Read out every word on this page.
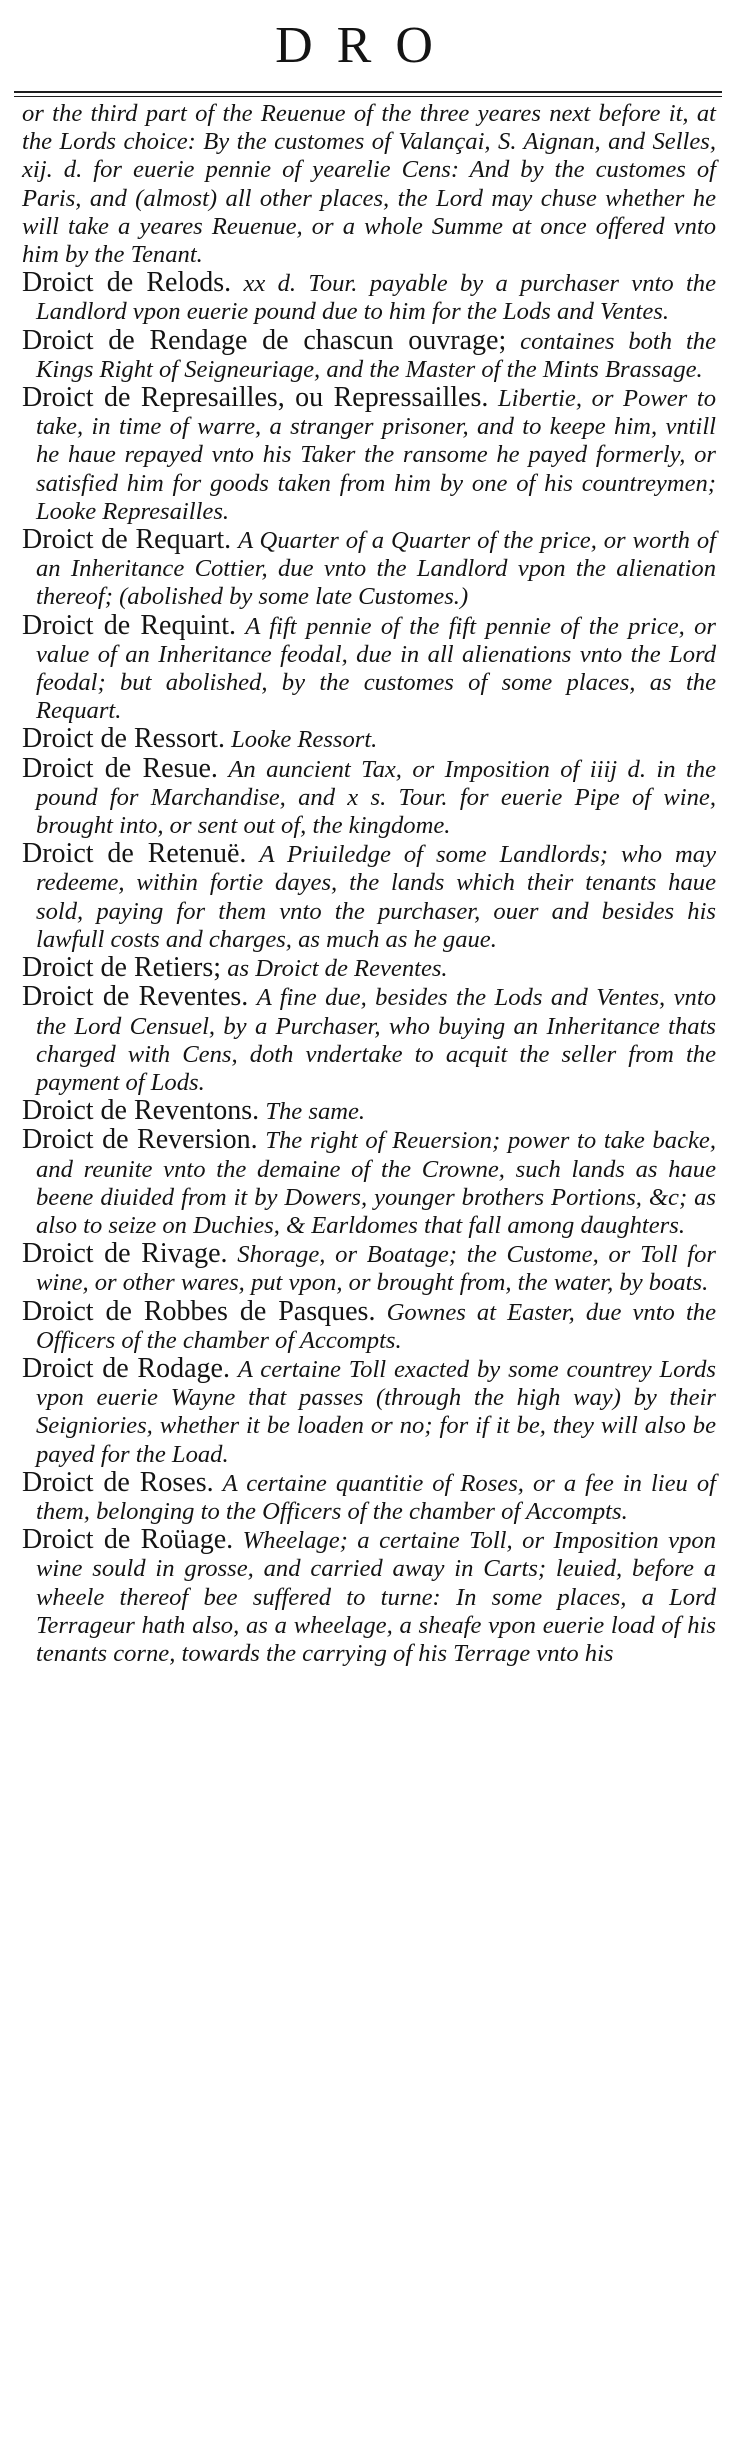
DRO

or the third part of the Reuenue of the three yeares next before it, at the Lords choice: By the customes of Valançai, S. Aignan, and Selles, xij. d. for euerie pennie of yearelie Cens: And by the customes of Paris, and (almost) all other places, the Lord may chuse whether he will take a yeares Reuenue, or a whole Summe at once offered vnto him by the Tenant.

Droict de Relods. xx d. Tour. payable by a purchaser vnto the Landlord vpon euerie pound due to him for the Lods and Ventes.

Droict de Rendage de chascun ouvrage; containes both the Kings Right of Seigneuriage, and the Master of the Mints Brassage.

Droict de Represailles, ou Repressailles. Libertie, or Power to take, in time of warre, a stranger prisoner, and to keepe him, vntill he haue repayed vnto his Taker the ransome he payed formerly, or satisfied him for goods taken from him by one of his countreymen; Looke Represailles.

Droict de Requart. A Quarter of a Quarter of the price, or worth of an Inheritance Cottier, due vnto the Landlord vpon the alienation thereof; (abolished by some late Customes.)

Droict de Requint. A fift pennie of the fift pennie of the price, or value of an Inheritance feodal, due in all alienations vnto the Lord feodal; but abolished, by the customes of some places, as the Requart.

Droict de Ressort. Looke Ressort.

Droict de Resue. An auncient Tax, or Imposition of iiij d. in the pound for Marchandise, and x s. Tour. for euerie Pipe of wine, brought into, or sent out of, the kingdome.

Droict de Retenuë. A Priuiledge of some Landlords; who may redeeme, within fortie dayes, the lands which their tenants haue sold, paying for them vnto the purchaser, ouer and besides his lawfull costs and charges, as much as he gaue.

Droict de Retiers; as Droict de Reventes.

Droict de Reventes. A fine due, besides the Lods and Ventes, vnto the Lord Censuel, by a Purchaser, who buying an Inheritance thats charged with Cens, doth vndertake to acquit the seller from the payment of Lods.

Droict de Reventons. The same.

Droict de Reversion. The right of Reuersion; power to take backe, and reunite vnto the demaine of the Crowne, such lands as haue beene diuided from it by Dowers, younger brothers Portions, &c; as also to seize on Duchies, & Earldomes that fall among daughters.

Droict de Rivage. Shorage, or Boatage; the Custome, or Toll for wine, or other wares, put vpon, or brought from, the water, by boats.

Droict de Robbes de Pasques. Gownes at Easter, due vnto the Officers of the chamber of Accompts.

Droict de Rodage. A certaine Toll exacted by some countrey Lords vpon euerie Wayne that passes (through the high way) by their Seigniories, whether it be loaden or no; for if it be, they will also be payed for the Load.

Droict de Roses. A certaine quantitie of Roses, or a fee in lieu of them, belonging to the Officers of the chamber of Accompts.

Droict de Roüage. Wheelage; a certaine Toll, or Imposition vpon wine sould in grosse, and carried away in Carts; leuied, before a wheele thereof bee suffered to turne: In some places, a Lord Terrageur hath also, as a wheelage, a sheafe vpon euerie load of his tenants corne, towards the carrying of his Terrage vnto his
